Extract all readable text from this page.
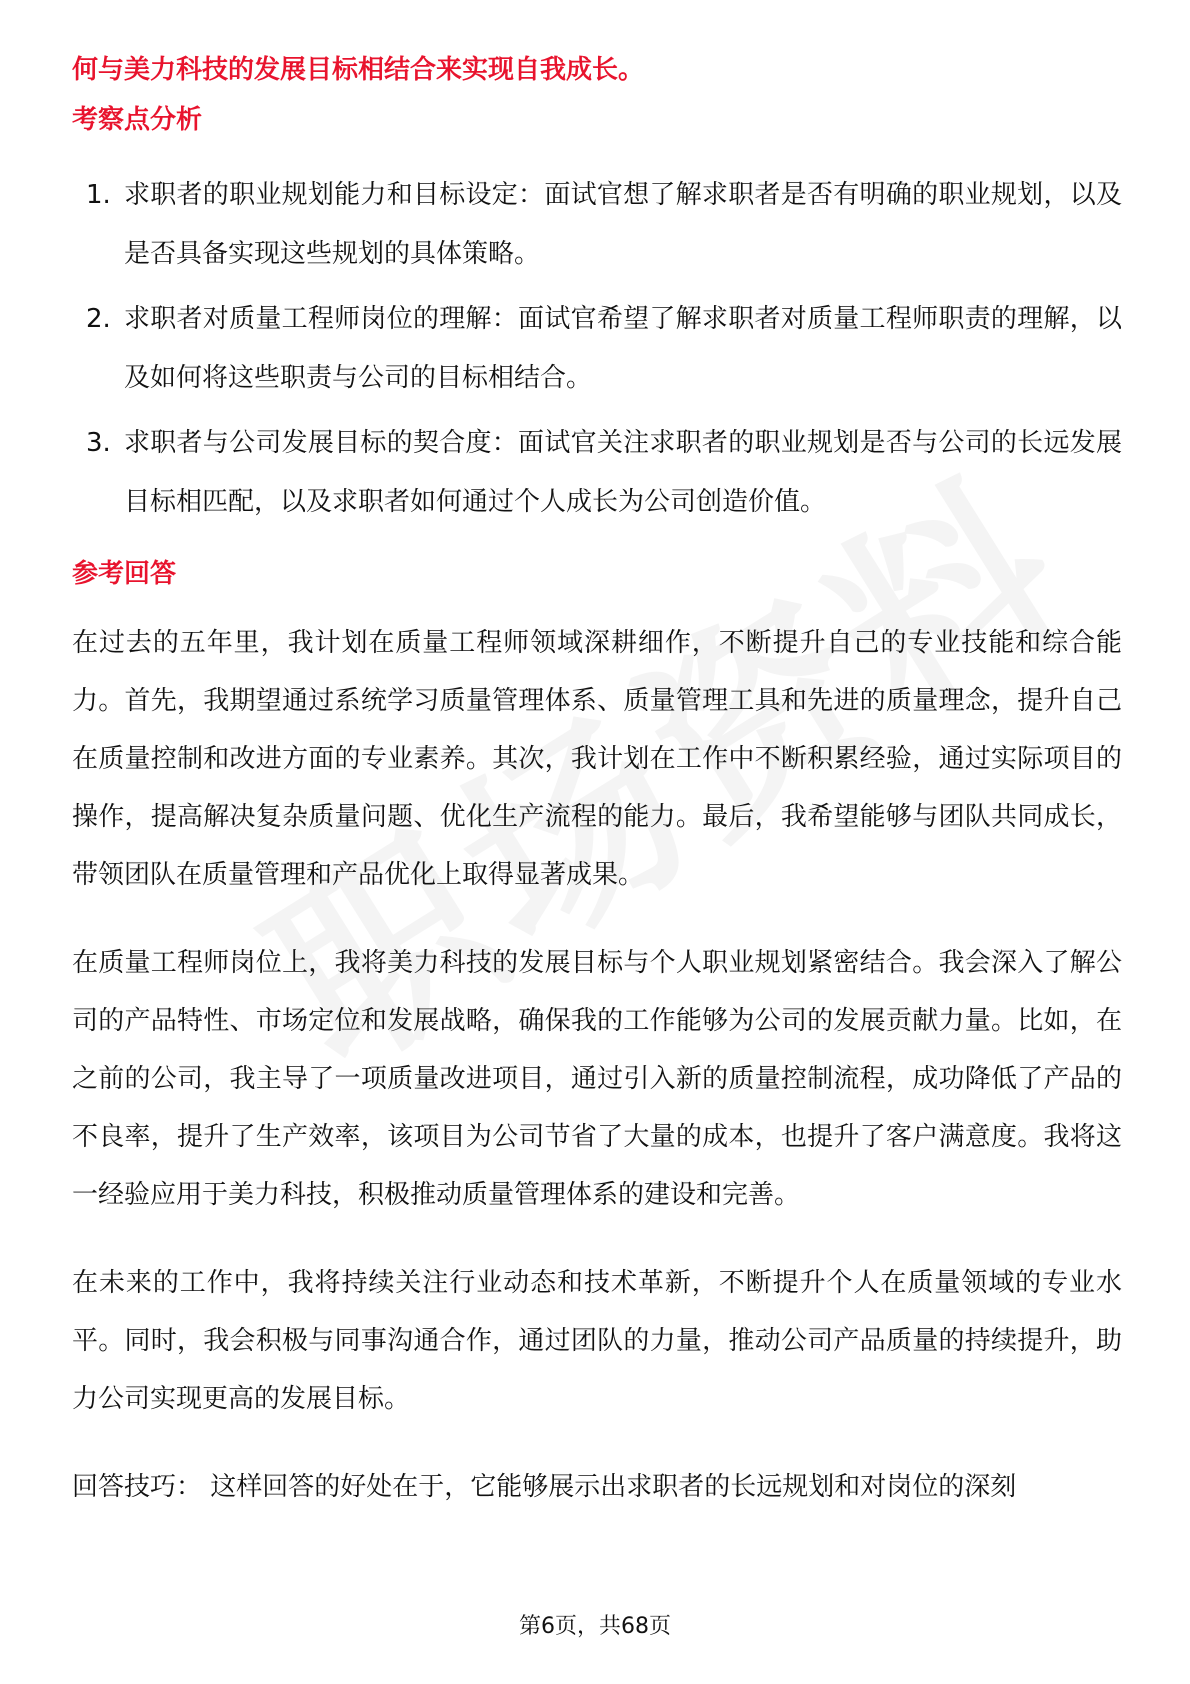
何与美力科技的发展目标相结合来实现自我成长。

考察点分析
1. 求职者的职业规划能力和目标设定：面试官想了解求职者是否有明确的职业规划，以及是否具备实现这些规划的具体策略。
2. 求职者对质量工程师岗位的理解：面试官希望了解求职者对质量工程师职责的理解，以及如何将这些职责与公司的目标相结合。
3. 求职者与公司发展目标的契合度：面试官关注求职者的职业规划是否与公司的长远发展目标相匹配，以及求职者如何通过个人成长为公司创造价值。
参考回答

在过去的五年里，我计划在质量工程师领域深耕细作，不断提升自己的专业技能和综合能力。首先，我期望通过系统学习质量管理体系、质量管理工具和先进的质量理念，提升自己在质量控制和改进方面的专业素养。其次，我计划在工作中不断积累经验，通过实际项目的操作，提高解决复杂质量问题、优化生产流程的能力。最后，我希望能够与团队共同成长，带领团队在质量管理和产品优化上取得显著成果。

在质量工程师岗位上，我将美力科技的发展目标与个人职业规划紧密结合。我会深入了解公司的产品特性、市场定位和发展战略，确保我的工作能够为公司的发展贡献力量。比如，在之前的公司，我主导了一项质量改进项目，通过引入新的质量控制流程，成功降低了产品的不良率，提升了生产效率，该项目为公司节省了大量的成本，也提升了客户满意度。我将这一经验应用于美力科技，积极推动质量管理体系的建设和完善。

在未来的工作中，我将持续关注行业动态和技术革新，不断提升个人在质量领域的专业水平。同时，我会积极与同事沟通合作，通过团队的力量，推动公司产品质量的持续提升，助力公司实现更高的发展目标。

回答技巧： 这样回答的好处在于，它能够展示出求职者的长远规划和对岗位的深刻

第6页，共68页
